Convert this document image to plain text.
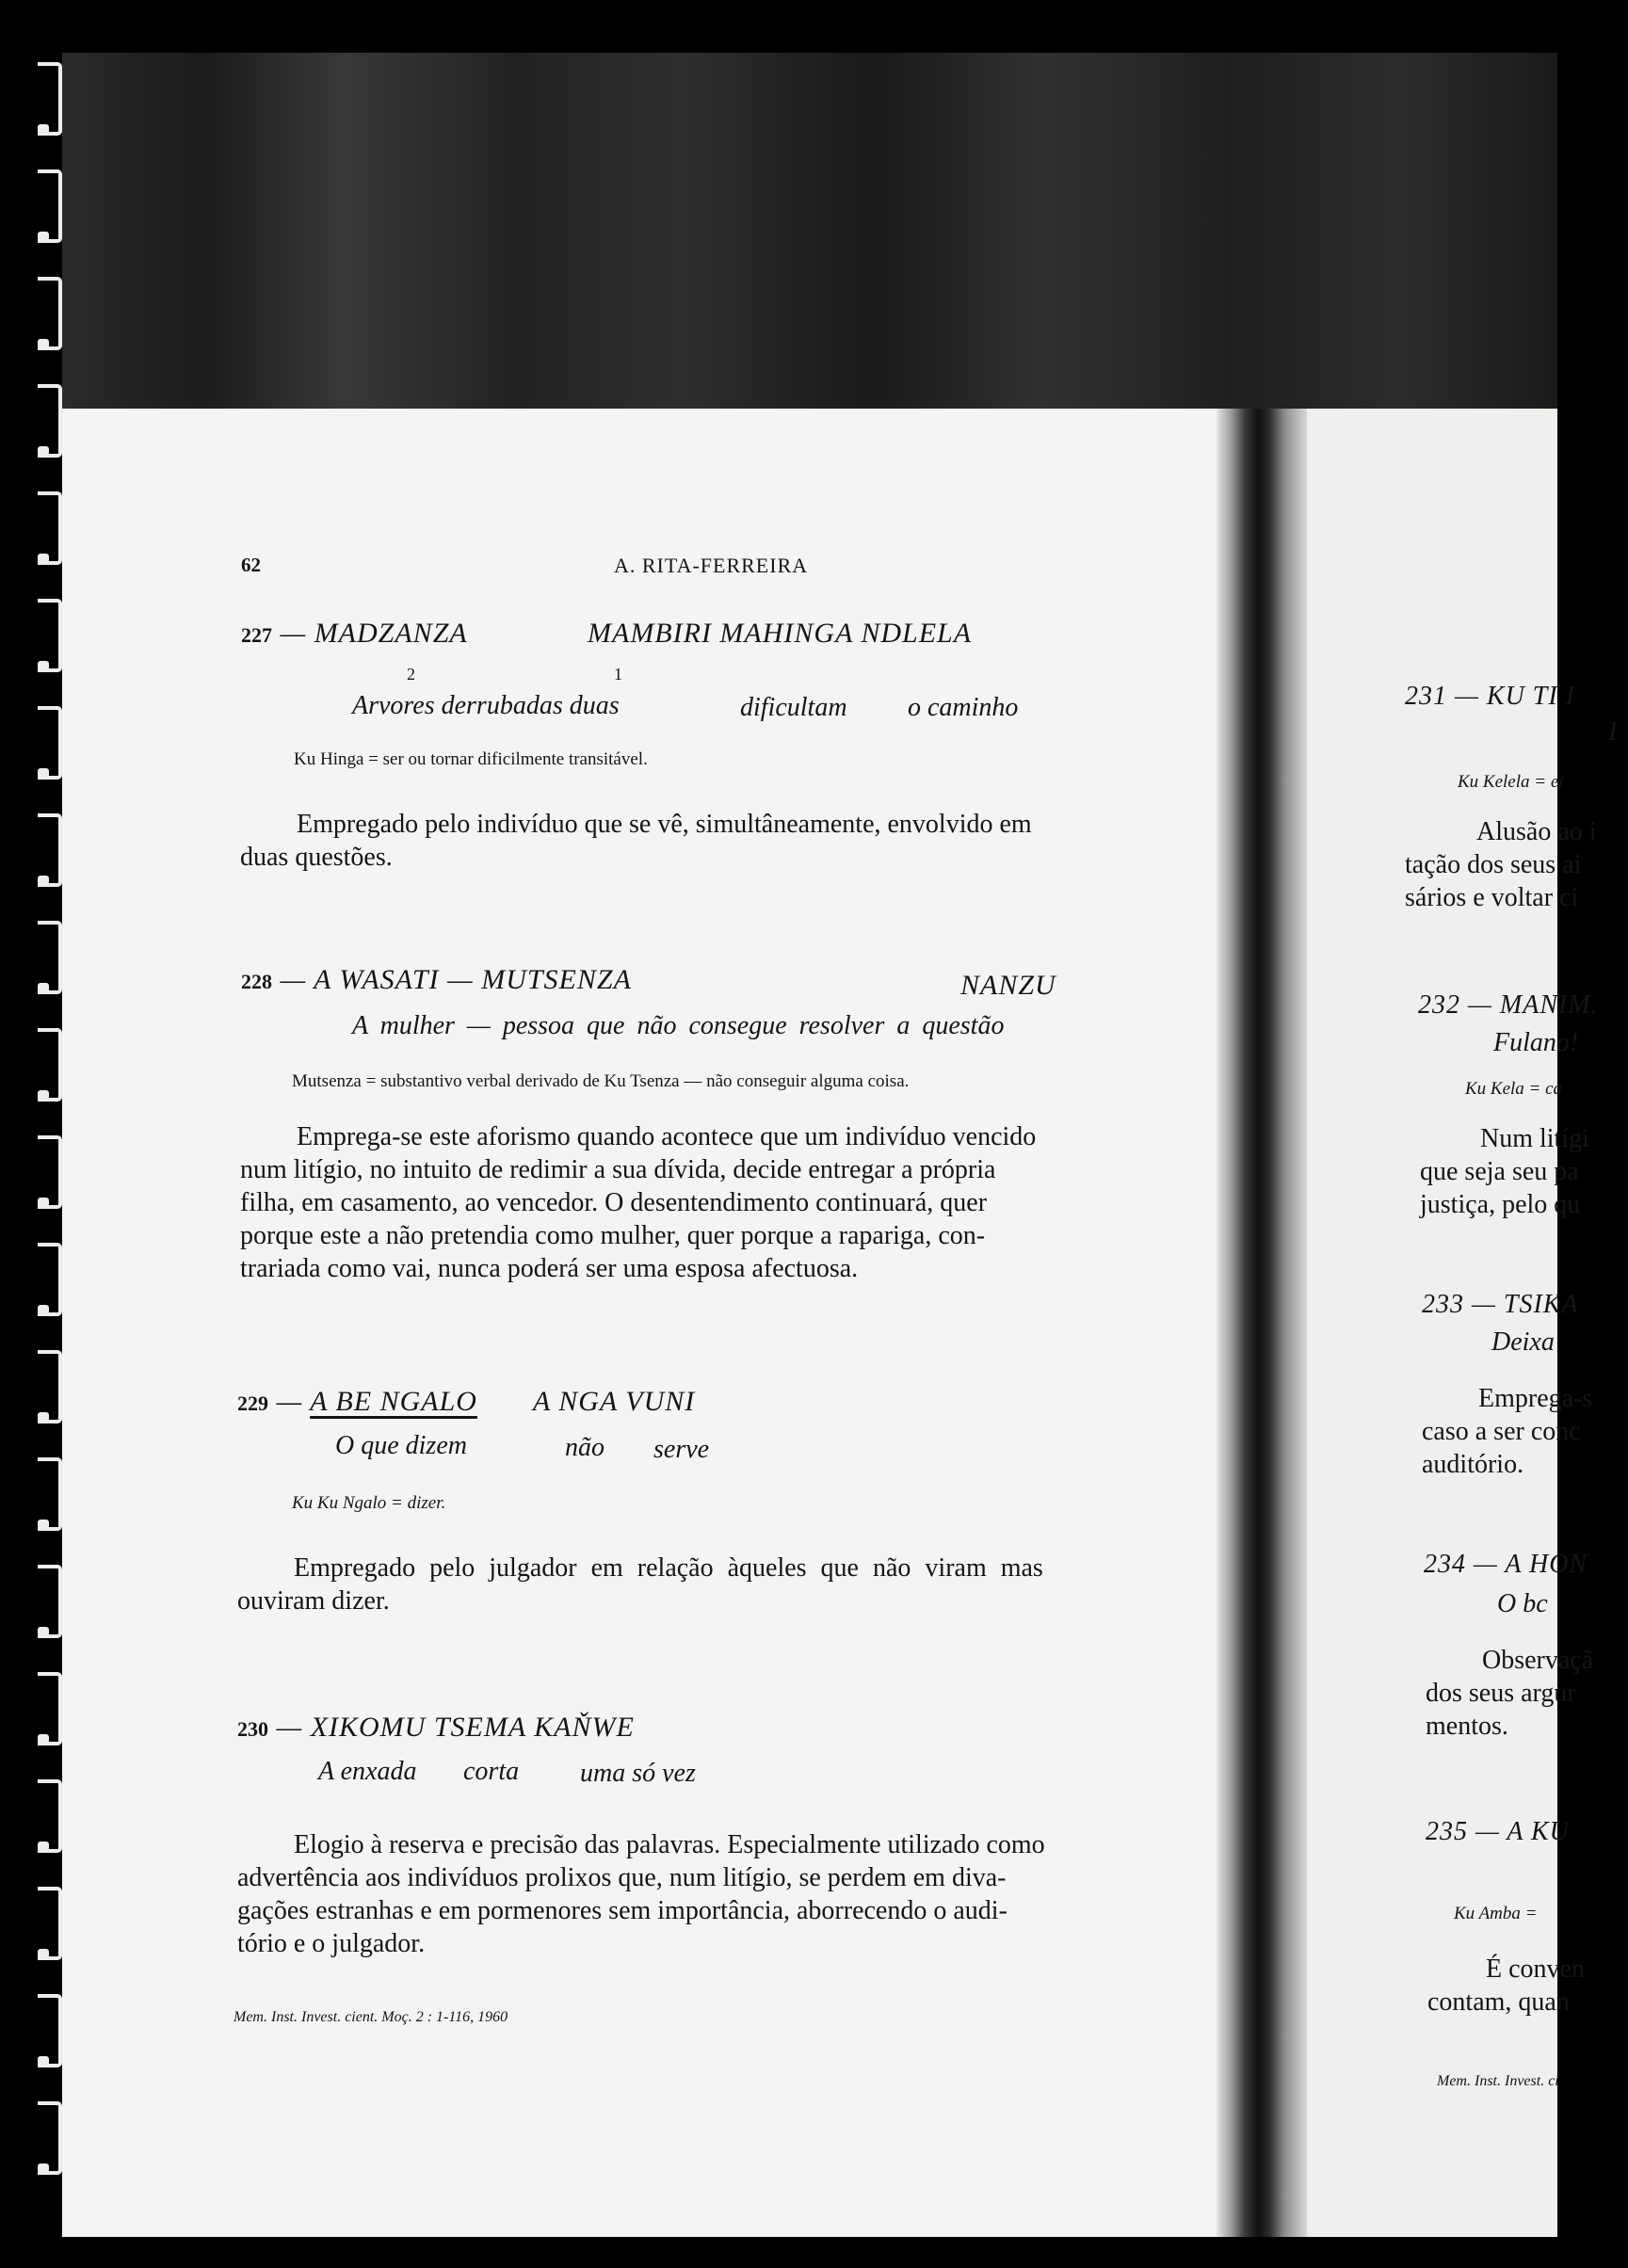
231 — KU TI I
I
Ku Kelela = ei
Alusão ao i
tação dos seus ai
sários e voltar ci
232 — MANIM.
Fulano!
Ku Kela = ca
Num litígi
que seja seu pa
justiça, pelo qu
233 — TSIKA
Deixa
Emprega-s
caso a ser conc
auditório.
234 — A HON
O bc
Observaçã
dos seus argur
mentos.
235 — A KU
Ku Amba =
É conven
contam, quan
Mem. Inst. Invest. ci
62	A. RITA-FERREIRA
227 — MADZANZA	MAMBIRI MAHINGA NDLELA
2	1
Arvores derrubadas duas	dificultam o caminho
Ku Hinga = ser ou tornar dificilmente transitável.
Empregado pelo indivíduo que se vê, simultâneamente, envolvido em
duas questões.
228 — A WASATI — MUTSENZA	NANZU
A mulher — pessoa que não consegue resolver a questão
Mutsenza = substantivo verbal derivado de Ku Tsenza — não conseguir alguma coisa.
Emprega-se este aforismo quando acontece que um indivíduo vencido
num litígio, no intuito de redimir a sua dívida, decide entregar a própria
filha, em casamento, ao vencedor. O desentendimento continuará, quer
porque este a não pretendia como mulher, quer porque a rapariga, con-
trariada como vai, nunca poderá ser uma esposa afectuosa.
229 — A BE NGALO A NGA VUNI
O que dizem	não serve
Ku Ku Ngalo = dizer.
Empregado pelo julgador em relação àqueles que não viram mas
ouviram dizer.
230 — XIKOMU TSEMA KAŇWE
A enxada corta uma só vez
Elogio à reserva e precisão das palavras. Especialmente utilizado como
advertência aos indivíduos prolixos que, num litígio, se perdem em diva-
gações estranhas e em pormenores sem importância, aborrecendo o audi-
tório e o julgador.
Mem. Inst. Invest. cient. Moç. 2 : 1-116, 1960
